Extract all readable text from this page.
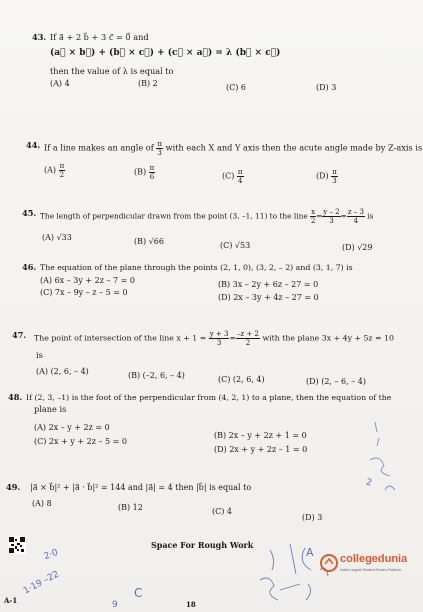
43. If a⃗ + 2 b⃗ + 3 c⃗ = 0⃗ and
(a⃗ × b⃗) + (b⃗ × c⃗) + (c⃗ × a⃗) = λ (b⃗ × c⃗)
then the value of λ is equal to
(A) 4	(B) 2	(C) 6	(D) 3
44. If a line makes an angle of $\frac{\pi}{3}$ with each X and Y axis then the acute angle made by Z-axis is
$(A) \frac{\pi}{2}$	$(B) \frac{\pi}{6}$	$(C) \frac{\pi}{4}$	$(D) \frac{\pi}{3}$
45. The length of perpendicular drawn from the point (3, –1, 11) to the line $\frac{x}{2} = \frac{y - 2}{3} = \frac{z - 3}{4}$ is
(A) √33	(B) √66	(C) √53	(D) √29
46. The equation of the plane through the points (2, 1, 0), (3, 2, – 2) and (3, 1, 7) is
(A) 6x – 3y + 2z – 7 = 0	(B) 3x – 2y + 6z – 27 = 0
(C) 7x – 9y – z – 5 = 0
(D) 2x – 3y + 4z – 27 = 0
47. The point of intersection of the line $x + 1 = \frac{y + 3}{3} = \frac{-z + 2}{2}$ with the plane 3x + 4y + 5z = 10
is
(A) (2, 6, – 4)	(B) (–2, 6, – 4)	(C) (2, 6, 4)	(D) (2, – 6, – 4)
48. If (2, 3, –1) is the foot of the perpendicular from (4, 2, 1) to a plane, then the equation of the
plane is
(A) 2x – y + 2z = 0
(B) 2x – y + 2z + 1 = 0
(C) 2x + y + 2z – 5 = 0
(D) 2x + y + 2z – 1 = 0
49. |a⃗ × b⃗|² + |a⃗ · b⃗|² = 144 and |a⃗| = 4 then |b⃗| is equal to
(A) 8	(B) 12	(C) 4
(D) 3
Space For Rough Work
18
A-1
2·0
1·19 –22	C
9
2
A collegedunia
India's largest Student Review Platform
